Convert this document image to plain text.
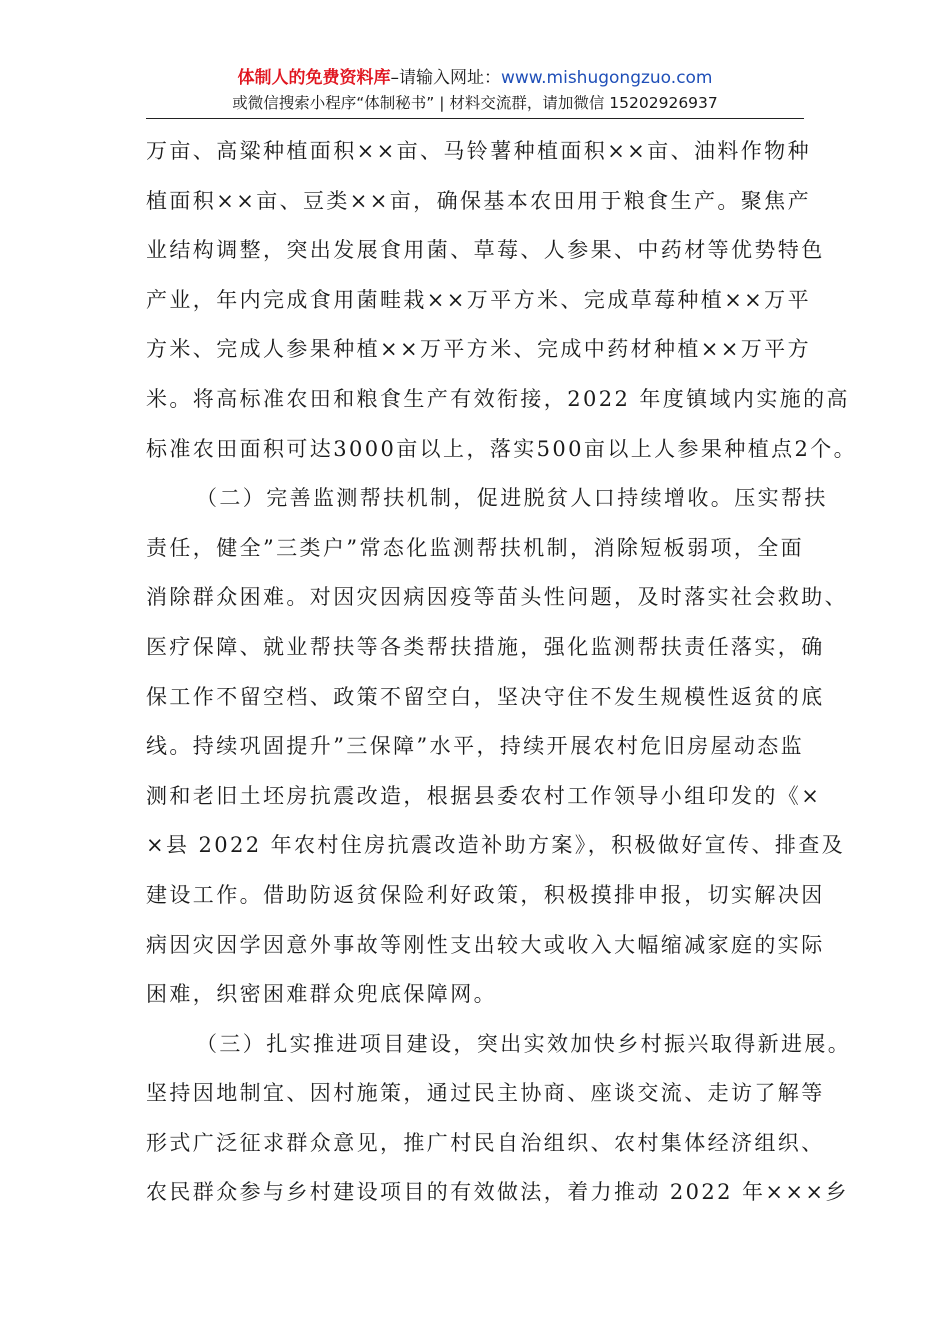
体制人的免费资料库–请输入网址：www.mishugongzuo.com
或微信搜索小程序“体制秘书” | 材料交流群，请加微信 15202926937

万亩、高粱种植面积××亩、马铃薯种植面积××亩、油料作物种
植面积××亩、豆类××亩，确保基本农田用于粮食生产。聚焦产
业结构调整，突出发展食用菌、草莓、人参果、中药材等优势特色
产业，年内完成食用菌畦栽××万平方米、完成草莓种植××万平
方米、完成人参果种植××万平方米、完成中药材种植××万平方
米。将高标准农田和粮食生产有效衔接，2022 年度镇域内实施的高
标准农田面积可达3000亩以上，落实500亩以上人参果种植点2个。

（二）完善监测帮扶机制，促进脱贫人口持续增收。压实帮扶
责任，健全”三类户”常态化监测帮扶机制，消除短板弱项，全面
消除群众困难。对因灾因病因疫等苗头性问题，及时落实社会救助、
医疗保障、就业帮扶等各类帮扶措施，强化监测帮扶责任落实，确
保工作不留空档、政策不留空白，坚决守住不发生规模性返贫的底
线。持续巩固提升”三保障”水平，持续开展农村危旧房屋动态监
测和老旧土坯房抗震改造，根据县委农村工作领导小组印发的《×
×县 2022 年农村住房抗震改造补助方案》，积极做好宣传、排查及
建设工作。借助防返贫保险利好政策，积极摸排申报，切实解决因
病因灾因学因意外事故等刚性支出较大或收入大幅缩减家庭的实际
困难，织密困难群众兜底保障网。

（三）扎实推进项目建设，突出实效加快乡村振兴取得新进展。
坚持因地制宜、因村施策，通过民主协商、座谈交流、走访了解等
形式广泛征求群众意见，推广村民自治组织、农村集体经济组织、
农民群众参与乡村建设项目的有效做法，着力推动 2022 年×××乡
